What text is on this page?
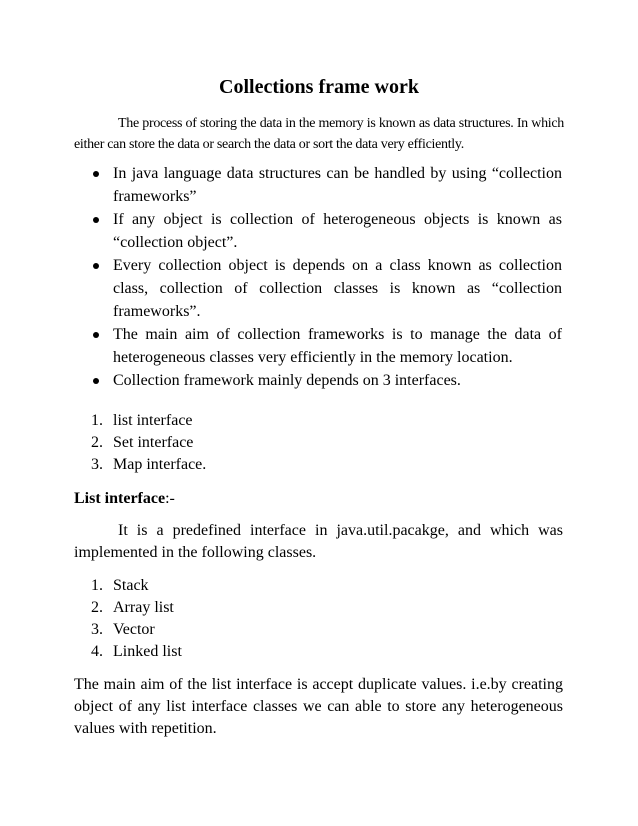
Collections frame work
The process of storing the data in the memory is known as data structures. In which either can store the data or search the data or sort the data very efficiently.
In java language data structures can be handled by using “collection frameworks”
If any object is collection of heterogeneous objects is known as “collection object”.
Every collection object is depends on a class known as collection class, collection of collection classes is known as “collection frameworks”.
The main aim of collection frameworks is to manage the data of heterogeneous classes very efficiently in the memory location.
Collection framework mainly depends on 3 interfaces.
1. list interface
2. Set interface
3. Map interface.
List interface:-
It is a predefined interface in java.util.pacakge, and which was implemented in the following classes.
1. Stack
2. Array list
3. Vector
4. Linked list
The main aim of the list interface is accept duplicate values. i.e.by creating object of any list interface classes we can able to store any heterogeneous values with repetition.
